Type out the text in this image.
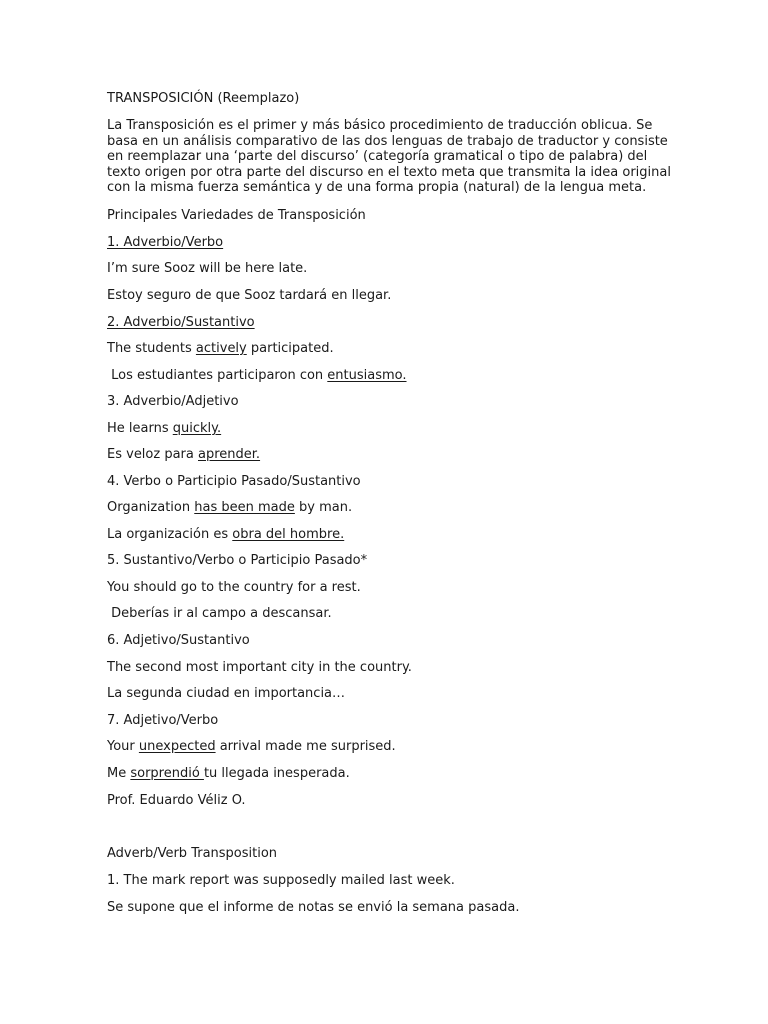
TRANSPOSICIÓN (Reemplazo)
La Transposición es el primer y más básico procedimiento de traducción oblicua. Se
basa en un análisis comparativo de las dos lenguas de trabajo de traductor y consiste
en reemplazar una ‘parte del discurso’ (categoría gramatical o tipo de palabra) del
texto origen por otra parte del discurso en el texto meta que transmita la idea original
con la misma fuerza semántica y de una forma propia (natural) de la lengua meta.
Principales Variedades de Transposición
1. Adverbio/Verbo
I’m sure Sooz will be here late.
Estoy seguro de que Sooz tardará en llegar.
2. Adverbio/Sustantivo
The students actively participated.
Los estudiantes participaron con entusiasmo.
3. Adverbio/Adjetivo
He learns quickly.
Es veloz para aprender.
4. Verbo o Participio Pasado/Sustantivo
Organization has been made by man.
La organización es obra del hombre.
5. Sustantivo/Verbo o Participio Pasado*
You should go to the country for a rest.
Deberías ir al campo a descansar.
6. Adjetivo/Sustantivo
The second most important city in the country.
La segunda ciudad en importancia…
7. Adjetivo/Verbo
Your unexpected arrival made me surprised.
Me sorprendió tu llegada inesperada.
Prof. Eduardo Véliz O.
Adverb/Verb Transposition
1. The mark report was supposedly mailed last week.
Se supone que el informe de notas se envió la semana pasada.
